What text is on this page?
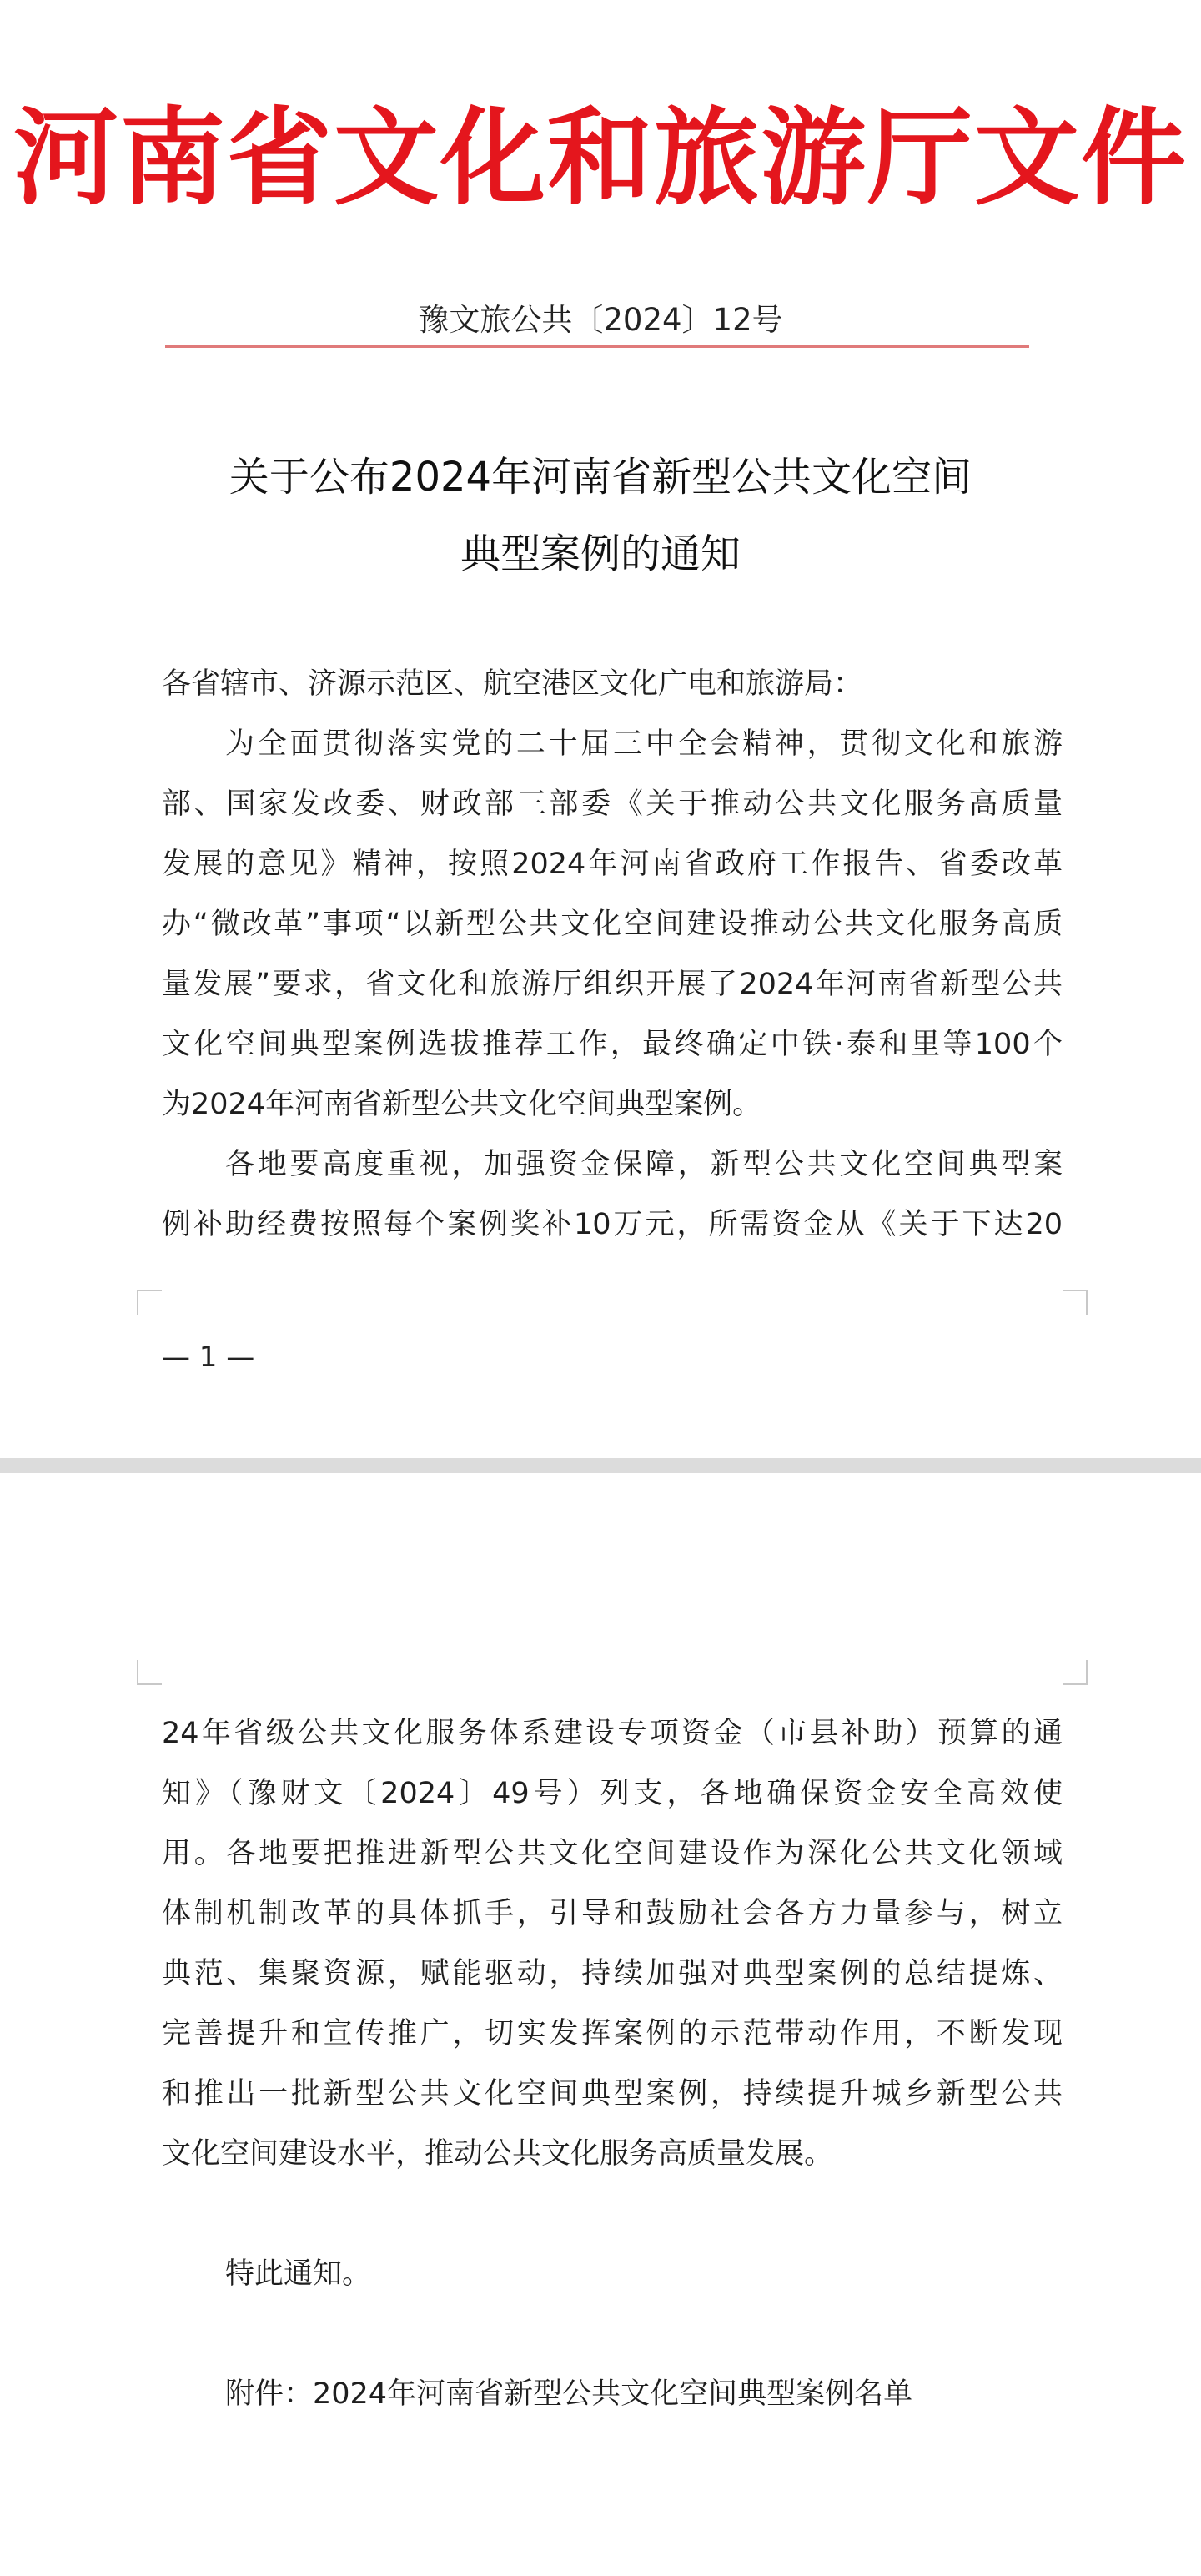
河南省文化和旅游厅文件
豫文旅公共〔2024〕12号
关于公布2024年河南省新型公共文化空间
典型案例的通知
各省辖市、济源示范区、航空港区文化广电和旅游局：
为全面贯彻落实党的二十届三中全会精神，贯彻文化和旅游
部、国家发改委、财政部三部委《关于推动公共文化服务高质量
发展的意见》精神，按照2024年河南省政府工作报告、省委改革
办“微改革”事项“以新型公共文化空间建设推动公共文化服务高质
量发展”要求，省文化和旅游厅组织开展了2024年河南省新型公共
文化空间典型案例选拔推荐工作，最终确定中铁·泰和里等100个
为2024年河南省新型公共文化空间典型案例。
各地要高度重视，加强资金保障，新型公共文化空间典型案
例补助经费按照每个案例奖补10万元，所需资金从《关于下达20
— 1 —
24年省级公共文化服务体系建设专项资金（市县补助）预算的通
知》（豫财文〔2024〕49号）列支，各地确保资金安全高效使
用。各地要把推进新型公共文化空间建设作为深化公共文化领域
体制机制改革的具体抓手，引导和鼓励社会各方力量参与，树立
典范、集聚资源，赋能驱动，持续加强对典型案例的总结提炼、
完善提升和宣传推广，切实发挥案例的示范带动作用，不断发现
和推出一批新型公共文化空间典型案例，持续提升城乡新型公共
文化空间建设水平，推动公共文化服务高质量发展。
特此通知。
附件：2024年河南省新型公共文化空间典型案例名单
